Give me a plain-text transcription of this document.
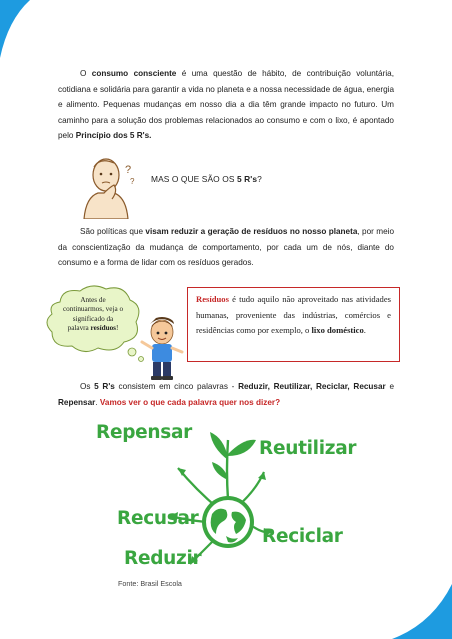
O consumo consciente é uma questão de hábito, de contribuição voluntária, cotidiana e solidária para garantir a vida no planeta e a nossa necessidade de água, energia e alimento. Pequenas mudanças em nosso dia a dia têm grande impacto no futuro. Um caminho para a solução dos problemas relacionados ao consumo e com o lixo, é apontado pelo Princípio dos 5 R's.

?
? MAS O QUE SÃO OS 5 R's?

São políticas que visam reduzir a geração de resíduos no nosso planeta, por meio da conscientização da mudança de comportamento, por cada um de nós, diante do consumo e a forma de lidar com os resíduos gerados.

Antes de continuarmos, veja o significado da palavra resíduos!
Resíduos é tudo aquilo não aproveitado nas atividades humanas, proveniente das indústrias, comércios e residências como por exemplo, o lixo doméstico.

Os 5 R's consistem em cinco palavras - Reduzir, Reutilizar, Reciclar, Recusar e Repensar. Vamos ver o que cada palavra quer nos dizer?

Repensar
Reutilizar
Recusar
Reciclar
Reduzir
Fonte: Brasil Escola
